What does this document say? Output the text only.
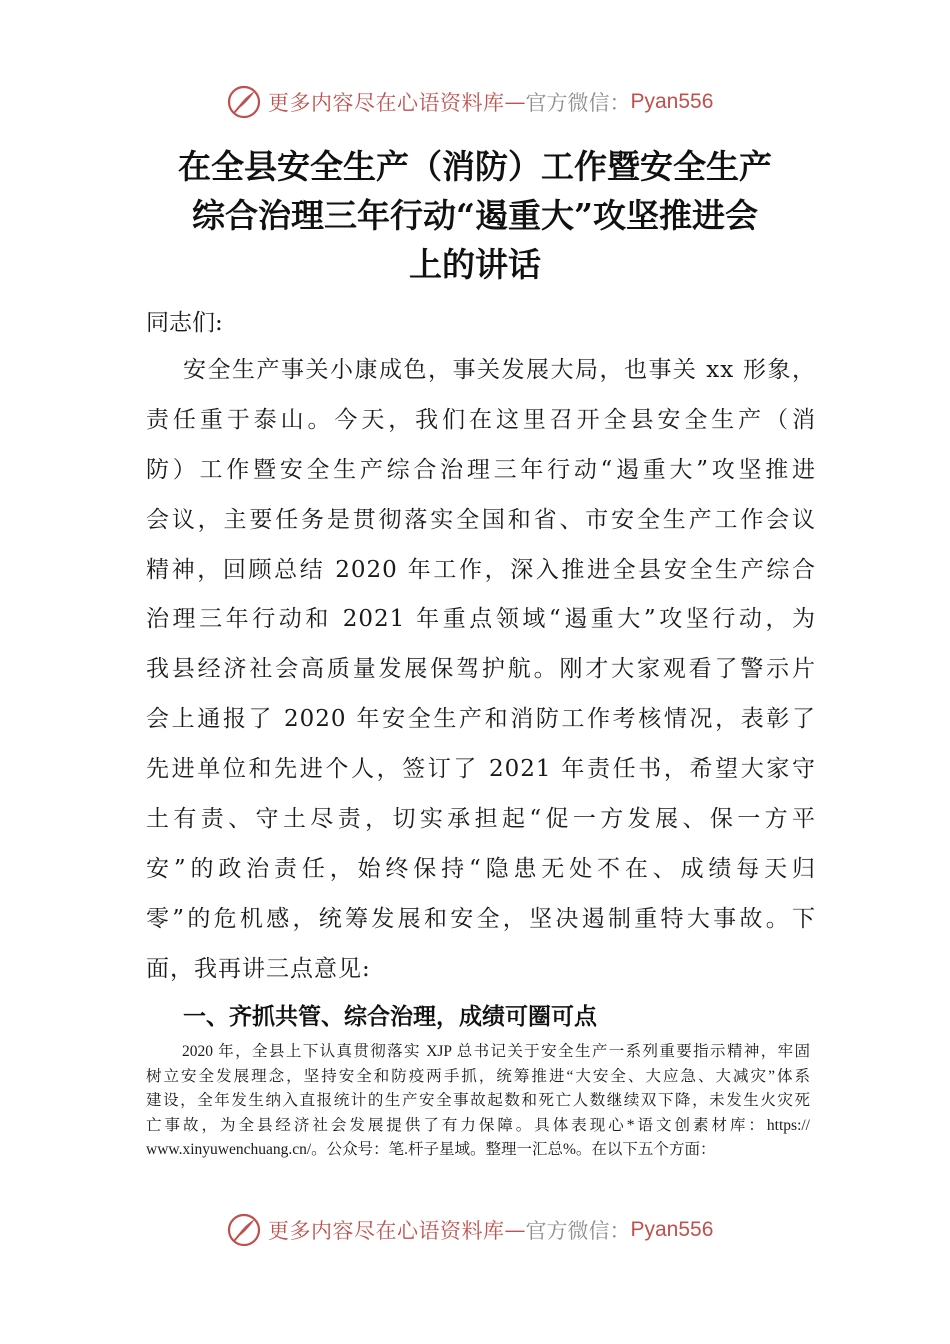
更多内容尽在心语资料库 — 官方微信： Pyan556
在全县安全生产（消防）工作暨安全生产
综合治理三年行动“遏重大”攻坚推进会
上的讲话
同志们:
安全生产事关小康成色，事关发展大局，也事关 xx 形象，
责任重于泰山。今天，我们在这里召开全县安全生产（消
防）工作暨安全生产综合治理三年行动“遏重大”攻坚推进
会议，主要任务是贯彻落实全国和省、市安全生产工作会议
精神，回顾总结 2020 年工作，深入推进全县安全生产综合
治理三年行动和 2021 年重点领域“遏重大”攻坚行动，为
我县经济社会高质量发展保驾护航。刚才大家观看了警示片
会上通报了 2020 年安全生产和消防工作考核情况，表彰了
先进单位和先进个人，签订了 2021 年责任书，希望大家守
土有责、守土尽责，切实承担起“促一方发展、保一方平
安”的政治责任，始终保持“隐患无处不在、成绩每天归
零”的危机感，统筹发展和安全，坚决遏制重特大事故。下
面，我再讲三点意见:
一、齐抓共管、综合治理，成绩可圈可点
2020 年，全县上下认真贯彻落实 XJP 总书记关于安全生产一系列重要指示精神，牢固
树立安全发展理念，坚持安全和防疫两手抓，统筹推进“大安全、大应急、大减灾”体系
建设，全年发生纳入直报统计的生产安全事故起数和死亡人数继续双下降，未发生火灾死
亡事故，为全县经济社会发展提供了有力保障。具体表现心*语文创素材库：https://
www.xinyuwenchuang.cn/。公众号：笔.杆子星域。整理一汇总%。在以下五个方面：
更多内容尽在心语资料库 — 官方微信： Pyan556
